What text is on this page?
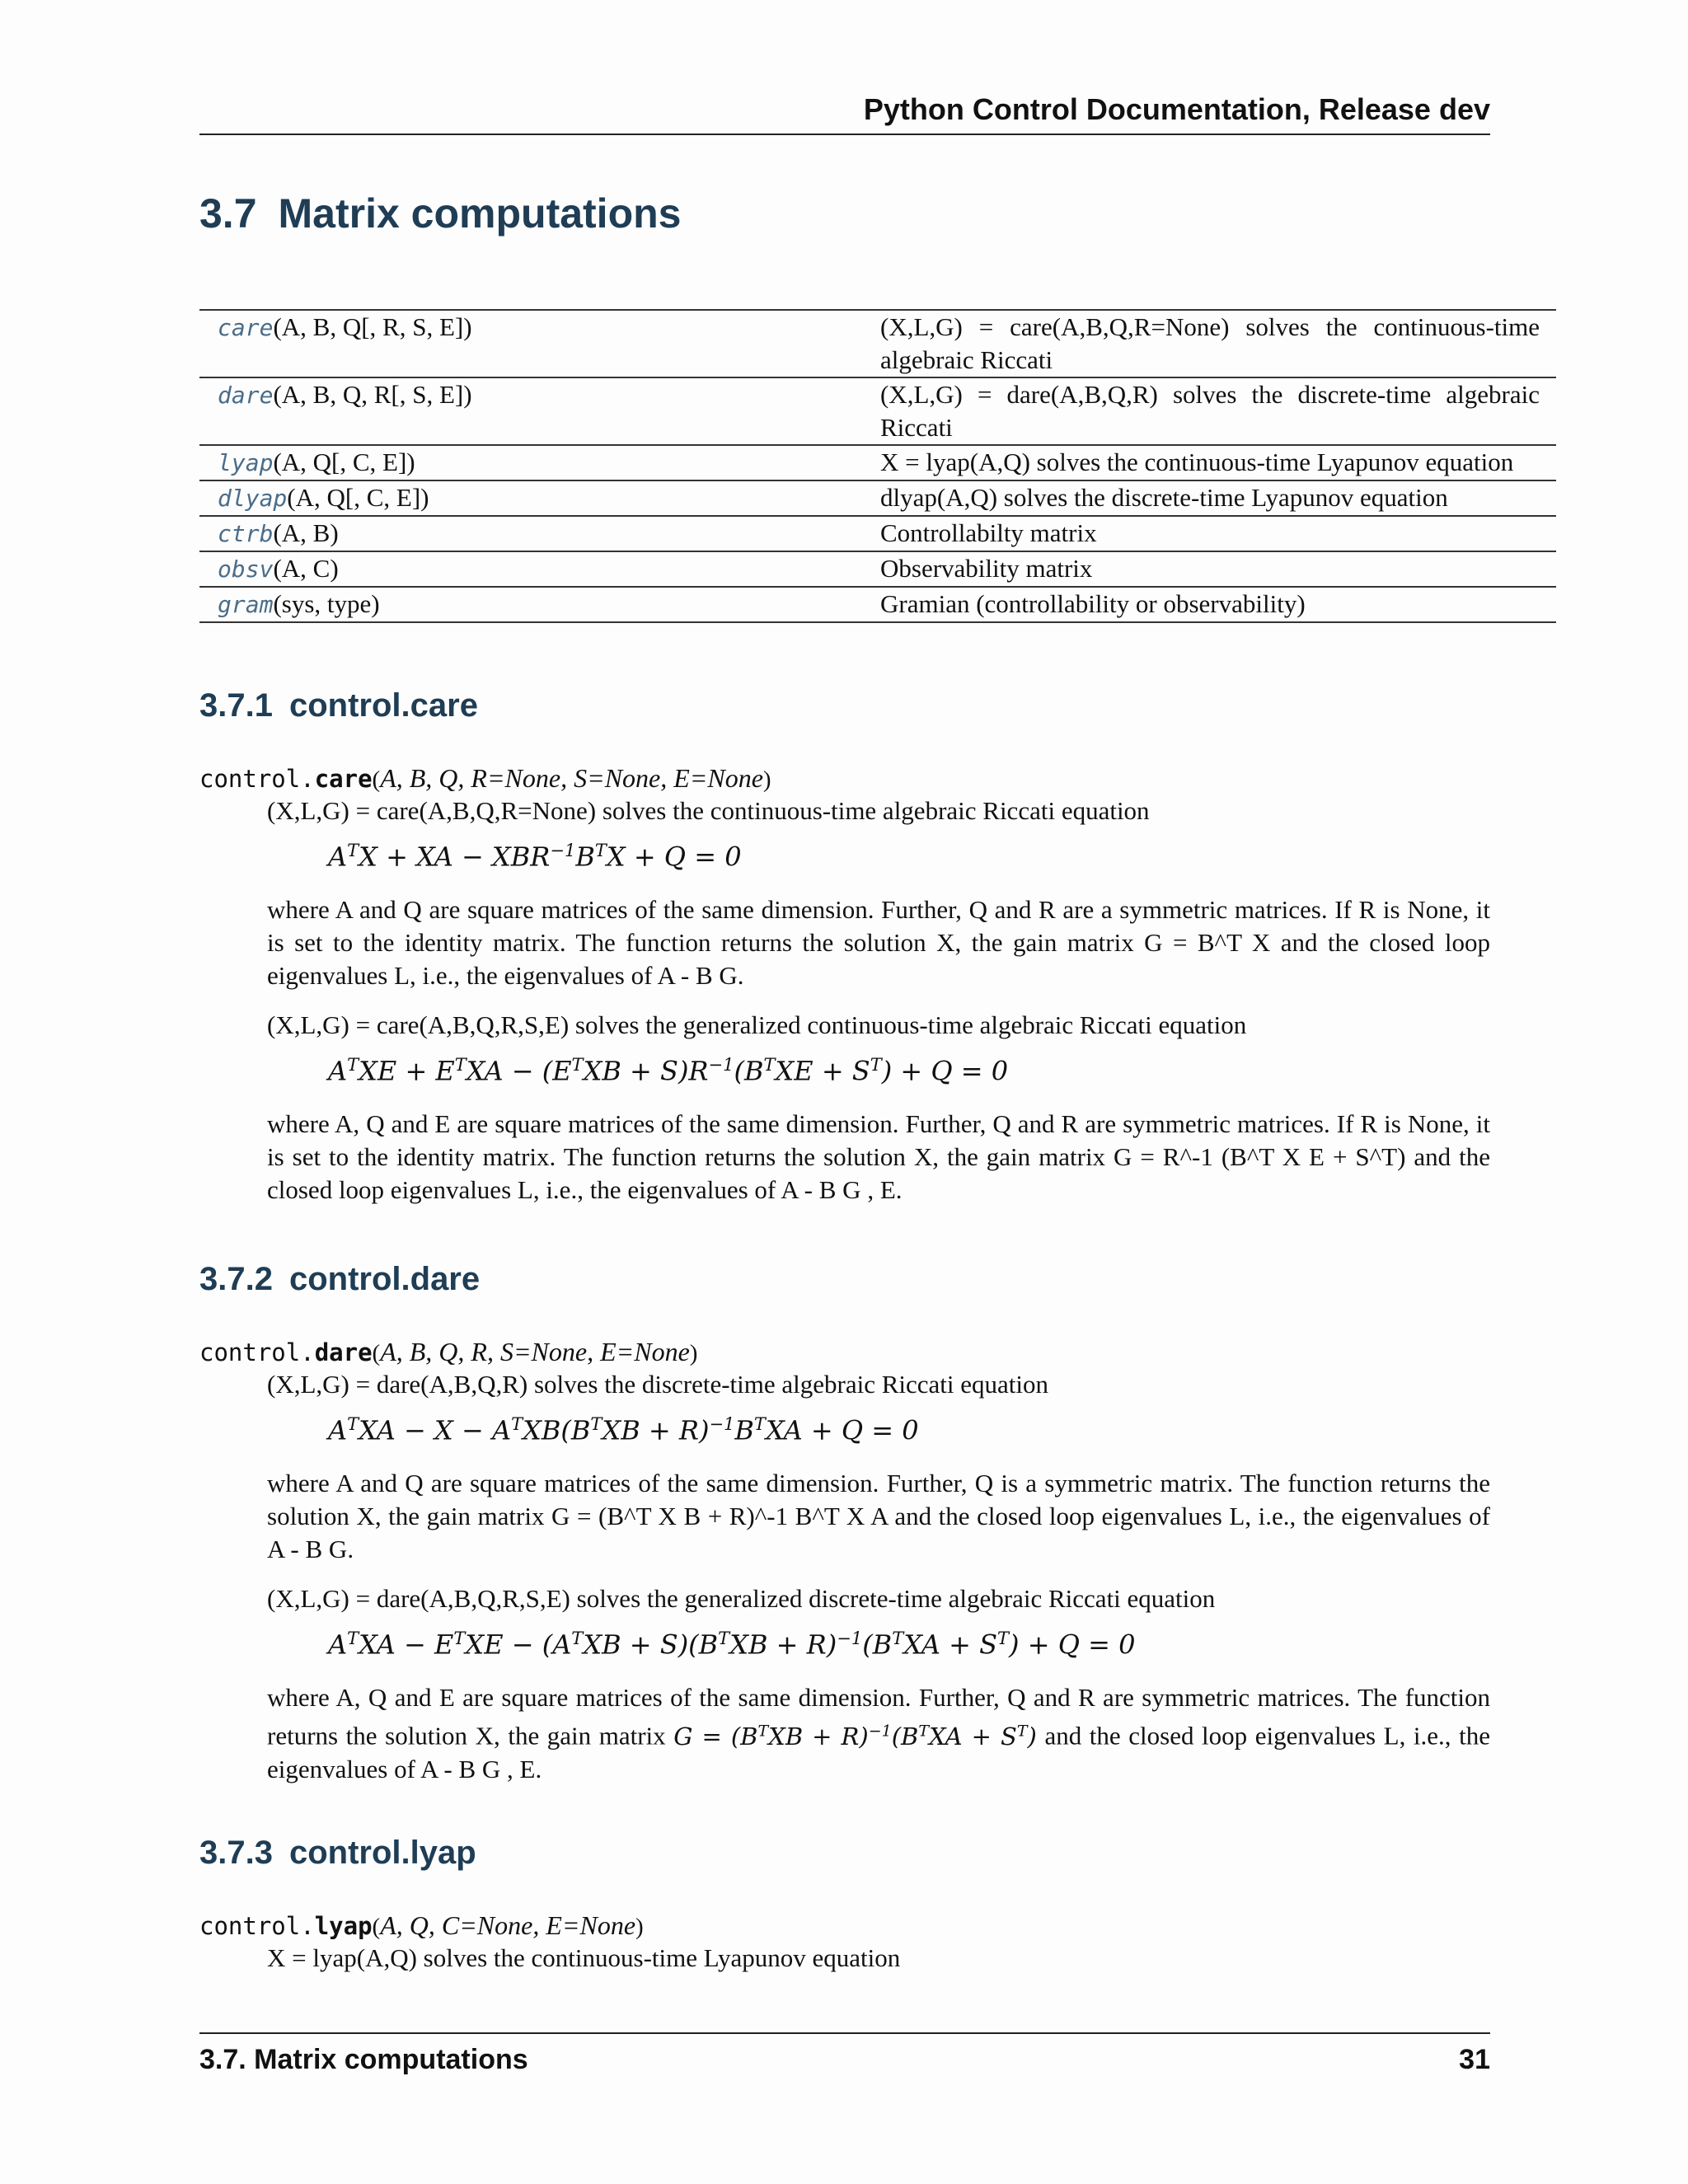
Python Control Documentation, Release dev
3.7 Matrix computations
care(A, B, Q[, R, S, E])	(X,L,G) = care(A,B,Q,R=None) solves the continuous-time algebraic Riccati
dare(A, B, Q, R[, S, E])	(X,L,G) = dare(A,B,Q,R) solves the discrete-time algebraic Riccati
lyap(A, Q[, C, E])	X = lyap(A,Q) solves the continuous-time Lyapunov equation
dlyap(A, Q[, C, E])	dlyap(A,Q) solves the discrete-time Lyapunov equation
ctrb(A, B)	Controllabilty matrix
obsv(A, C)	Observability matrix
gram(sys, type)	Gramian (controllability or observability)
3.7.1 control.care
control.care(A, B, Q, R=None, S=None, E=None)

(X,L,G) = care(A,B,Q,R=None) solves the continuous-time algebraic Riccati equation

$A^TX$ + XA − $XBR^{-1}B^TX + Q = 0$

where A and Q are square matrices of the same dimension. Further, Q and R are a symmetric matrices. If R is None, it is set to the identity matrix. The function returns the solution X, the gain matrix G = B^T X and the closed loop eigenvalues L, i.e., the eigenvalues of A - B G.

(X,L,G) = care(A,B,Q,R,S,E) solves the generalized continuous-time algebraic Riccati equation

$A^TXE + E^TXA - (E^TXB + S)R^{-1}(B^TXE + S^T) + Q = 0$

where A, Q and E are square matrices of the same dimension. Further, Q and R are symmetric matrices. If R is None, it is set to the identity matrix. The function returns the solution X, the gain matrix G = R^-1 (B^T X E + S^T) and the closed loop eigenvalues L, i.e., the eigenvalues of A - B G , E.

3.7.2 control.dare
control.dare(A, B, Q, R, S=None, E=None)

(X,L,G) = dare(A,B,Q,R) solves the discrete-time algebraic Riccati equation

$A^TXA - X - A^TXB(B^TXB + R)^{-1}B^TXA + Q = 0$

where A and Q are square matrices of the same dimension. Further, Q is a symmetric matrix. The function returns the solution X, the gain matrix G = (B^T X B + R)^-1 B^T X A and the closed loop eigenvalues L, i.e., the eigenvalues of A - B G.

(X,L,G) = dare(A,B,Q,R,S,E) solves the generalized discrete-time algebraic Riccati equation

$A^TXA - E^TXE - (A^TXB + S)(B^TXB + R)^{-1}(B^TXA + S^T) + Q = 0$

where A, Q and E are square matrices of the same dimension. Further, Q and R are symmetric matrices. The function returns the solution X, the gain matrix $G = (B^TXB + R)^{-1}(B^TXA + S^T)$ and the closed loop eigenvalues L, i.e., the eigenvalues of A - B G , E.

3.7.3 control.lyap
control.lyap(A, Q, C=None, E=None)

X = lyap(A,Q) solves the continuous-time Lyapunov equation

3.7. Matrix computations	31
